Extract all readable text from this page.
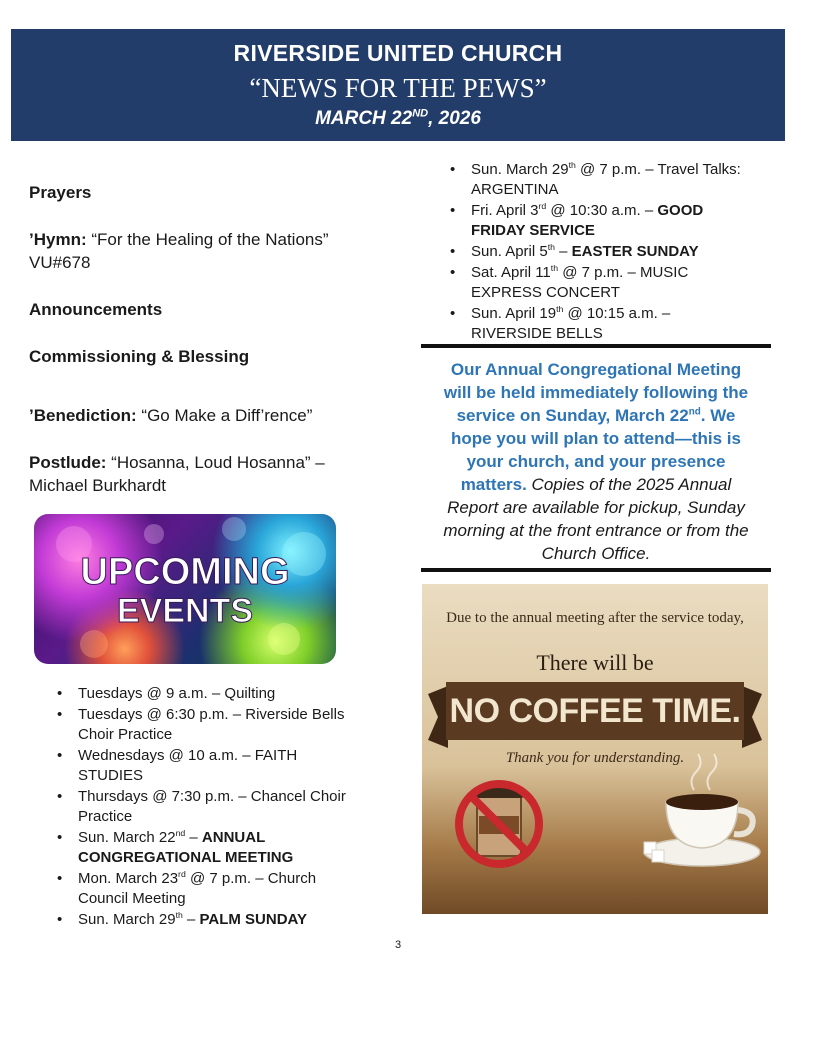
RIVERSIDE UNITED CHURCH
“NEWS FOR THE PEWS”
MARCH 22ND, 2026
Prayers
’Hymn: “For the Healing of the Nations”
VU#678
Announcements
Commissioning & Blessing
’Benediction: “Go Make a Diff’rence”
Postlude: “Hosanna, Loud Hosanna” –
Michael Burkhardt
UPCOMING
EVENTS
• Tuesdays @ 9 a.m. – Quilting
• Tuesdays @ 6:30 p.m. – Riverside Bells
Choir Practice
• Wednesdays @ 10 a.m. – FAITH
STUDIES
• Thursdays @ 7:30 p.m. – Chancel Choir
Practice
• Sun. March 22nd – ANNUAL
CONGREGATIONAL MEETING
• Mon. March 23rd @ 7 p.m. – Church
Council Meeting
• Sun. March 29th – PALM SUNDAY
• Sun. March 29th @ 7 p.m. – Travel Talks:
ARGENTINA
• Fri. April 3rd @ 10:30 a.m. – GOOD
FRIDAY SERVICE
• Sun. April 5th – EASTER SUNDAY
• Sat. April 11th @ 7 p.m. – MUSIC
EXPRESS CONCERT
• Sun. April 19th @ 10:15 a.m. –
RIVERSIDE BELLS
Our Annual Congregational Meeting
will be held immediately following the
service on Sunday, March 22nd. We
hope you will plan to attend—this is
your church, and your presence
matters. Copies of the 2025 Annual
Report are available for pickup, Sunday
morning at the front entrance or from the
Church Office.
Due to the annual meeting after the service today,
There will be
NO COFFEE TIME.
Thank you for understanding.
3
